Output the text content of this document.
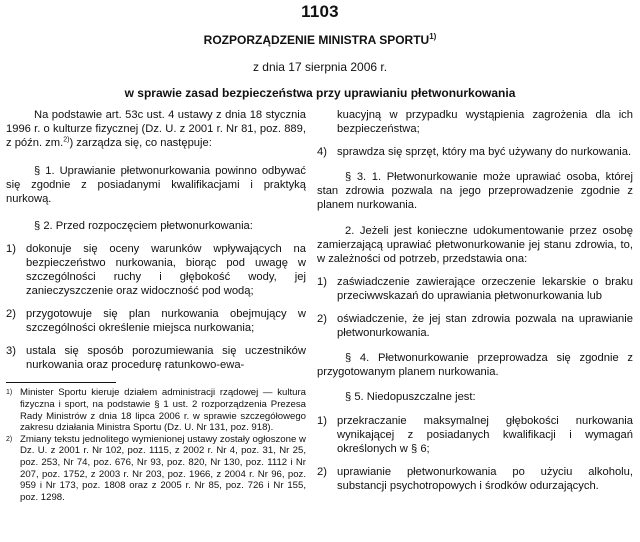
1103
ROZPORZĄDZENIE MINISTRA SPORTU$^{1)}$
z dnia 17 sierpnia 2006 r.
w sprawie zasad bezpieczeństwa przy uprawianiu płetwonurkowania

Na podstawie art. 53c ust. 4 ustawy z dnia 18 stycznia 1996 r. o kulturze fizycznej (Dz. U. z 2001 r. Nr 81, poz. 889, z późn. zm.$^{2)}$) zarządza się, co następuje:

§ 1. Uprawianie płetwonurkowania powinno odbywać się zgodnie z posiadanymi kwalifikacjami i praktyką nurkową.

§ 2. Przed rozpoczęciem płetwonurkowania:

1) dokonuje się oceny warunków wpływających na bezpieczeństwo nurkowania, biorąc pod uwagę w szczególności ruchy i głębokość wody, jej zanieczyszczenie oraz widoczność pod wodą;
2) przygotowuje się plan nurkowania obejmujący w szczególności określenie miejsca nurkowania;
3) ustala się sposób porozumiewania się uczestników nurkowania oraz procedurę ratunkowo-ewa-
1) Minister Sportu kieruje działem administracji rządowej — kultura fizyczna i sport, na podstawie § 1 ust. 2 rozporządzenia Prezesa Rady Ministrów z dnia 18 lipca 2006 r. w sprawie szczegółowego zakresu działania Ministra Sportu (Dz. U. Nr 131, poz. 918).
2) Zmiany tekstu jednolitego wymienionej ustawy zostały ogłoszone w Dz. U. z 2001 r. Nr 102, poz. 1115, z 2002 r. Nr 4, poz. 31, Nr 25, poz. 253, Nr 74, poz. 676, Nr 93, poz. 820, Nr 130, poz. 1112 i Nr 207, poz. 1752, z 2003 r. Nr 203, poz. 1966, z 2004 r. Nr 96, poz. 959 i Nr 173, poz. 1808 oraz z 2005 r. Nr 85, poz. 726 i Nr 155, poz. 1298.
kuacyjną w przypadku wystąpienia zagrożenia dla ich bezpieczeństwa;
4) sprawdza się sprzęt, który ma być używany do nurkowania.

§ 3. 1. Płetwonurkowanie może uprawiać osoba, której stan zdrowia pozwala na jego przeprowadzenie zgodnie z planem nurkowania.

2. Jeżeli jest konieczne udokumentowanie przez osobę zamierzającą uprawiać płetwonurkowanie jej stanu zdrowia, to, w zależności od potrzeb, przedstawia ona:

1) zaświadczenie zawierające orzeczenie lekarskie o braku przeciwwskazań do uprawiania płetwonurkowania lub
2) oświadczenie, że jej stan zdrowia pozwala na uprawianie płetwonurkowania.

§ 4. Płetwonurkowanie przeprowadza się zgodnie z przygotowanym planem nurkowania.

§ 5. Niedopuszczalne jest:

1) przekraczanie maksymalnej głębokości nurkowania wynikającej z posiadanych kwalifikacji i wymagań określonych w § 6;
2) uprawianie płetwonurkowania po użyciu alkoholu, substancji psychotropowych i środków odurzających.
